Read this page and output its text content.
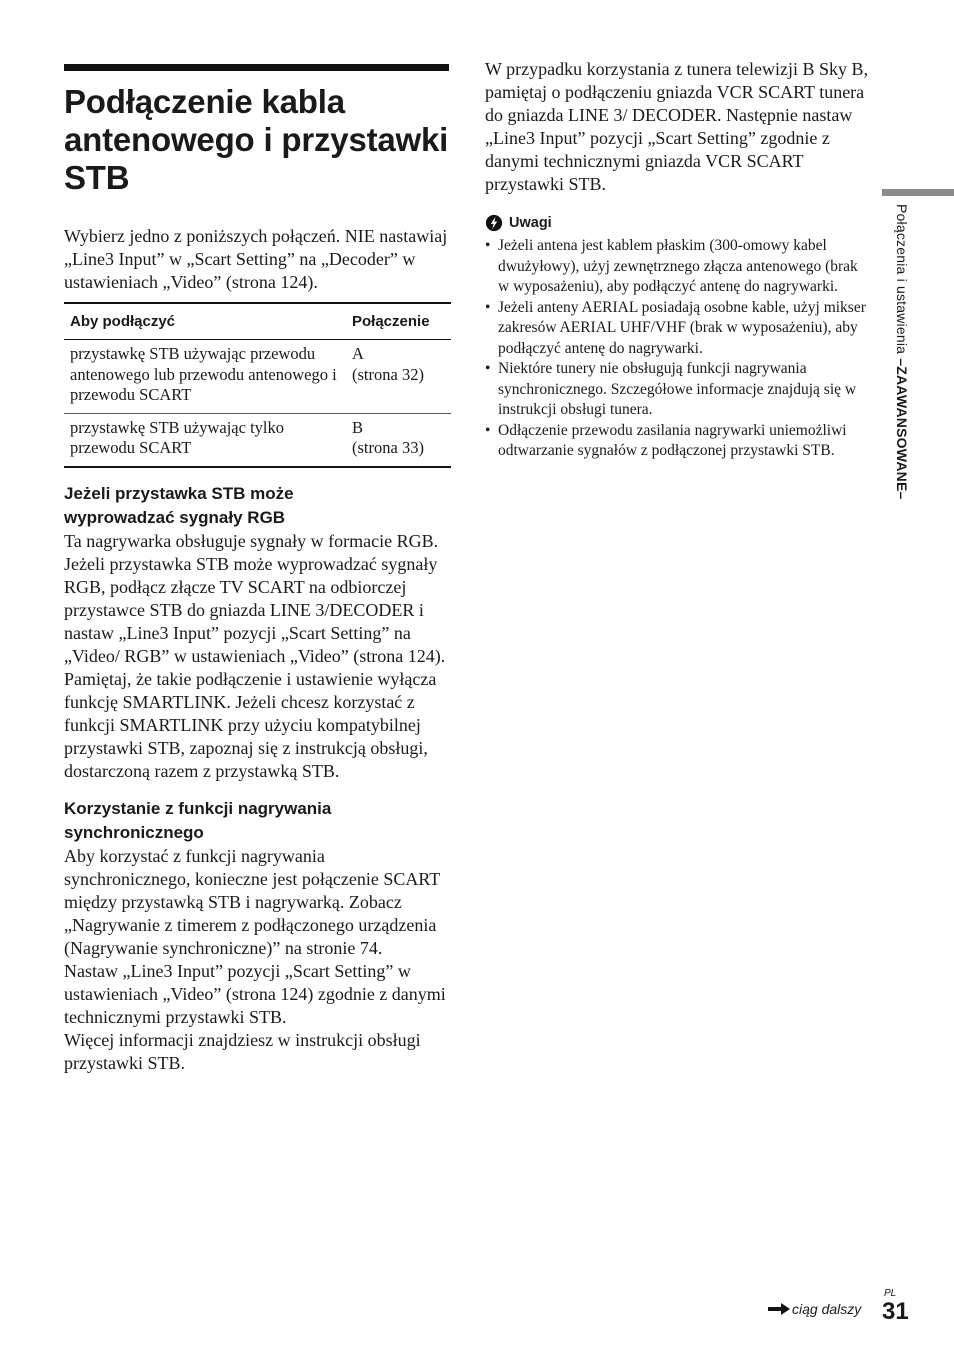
Podłączenie kabla antenowego i przystawki STB

Wybierz jedno z poniższych połączeń. NIE nastawiaj „Line3 Input” w „Scart Setting” na „Decoder” w ustawieniach „Video” (strona 124).

Aby podłączyć	Połączenie
przystawkę STB używając przewodu antenowego lub przewodu antenowego i przewodu SCART	A
(strona 32)

przystawkę STB używając tylko przewodu SCART	B
(strona 33)
Jeżeli przystawka STB może wyprowadzać sygnały RGB
Ta nagrywarka obsługuje sygnały w formacie RGB. Jeżeli przystawka STB może wyprowadzać sygnały RGB, podłącz złącze TV SCART na odbiorczej przystawce STB do gniazda LINE 3/DECODER i nastaw „Line3 Input” pozycji „Scart Setting” na „Video/ RGB” w ustawieniach „Video” (strona 124). Pamiętaj, że takie podłączenie i ustawienie wyłącza funkcję SMARTLINK. Jeżeli chcesz korzystać z funkcji SMARTLINK przy użyciu kompatybilnej przystawki STB, zapoznaj się z instrukcją obsługi, dostarczoną razem z przystawką STB.
Korzystanie z funkcji nagrywania synchronicznego
Aby korzystać z funkcji nagrywania synchronicznego, konieczne jest połączenie SCART między przystawką STB i nagrywarką. Zobacz „Nagrywanie z timerem z podłączonego urządzenia (Nagrywanie synchroniczne)” na stronie 74.
Nastaw „Line3 Input” pozycji „Scart Setting” w ustawieniach „Video” (strona 124) zgodnie z danymi technicznymi przystawki STB.
Więcej informacji znajdziesz w instrukcji obsługi przystawki STB.
W przypadku korzystania z tunera telewizji B Sky B, pamiętaj o podłączeniu gniazda VCR SCART tunera do gniazda LINE 3/ DECODER. Następnie nastaw „Line3 Input” pozycji „Scart Setting” zgodnie z danymi technicznymi gniazda VCR SCART przystawki STB.
Uwagi
• Jeżeli antena jest kablem płaskim (300-omowy kabel dwużyłowy), użyj zewnętrznego złącza antenowego (brak w wyposażeniu), aby podłączyć antenę do nagrywarki.
• Jeżeli anteny AERIAL posiadają osobne kable, użyj mikser zakresów AERIAL UHF/VHF (brak w wyposażeniu), aby podłączyć antenę do nagrywarki.
• Niektóre tunery nie obsługują funkcji nagrywania synchronicznego. Szczegółowe informacje znajdują się w instrukcji obsługi tunera.
• Odłączenie przewodu zasilania nagrywarki uniemożliwi odtwarzanie sygnałów z podłączonej przystawki STB.
Połączenia i ustawienia –ZAAWANSOWANE–
ciąg dalszy
PL
31
